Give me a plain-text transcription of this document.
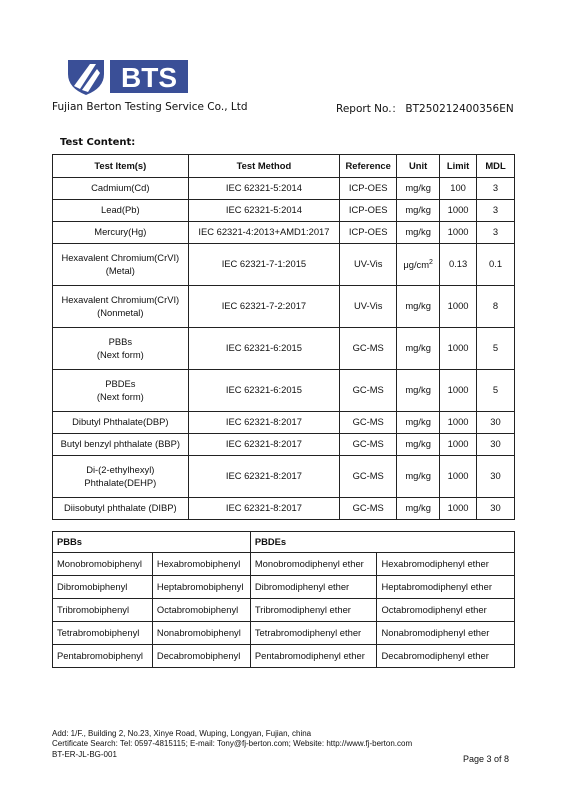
BTS
Fujian Berton Testing Service Co., Ltd	Report No.： BT250212400356EN
Test Content:
Test Item(s)	Test Method	Reference	Unit	Limit	MDL
Cadmium(Cd)	IEC 62321-5:2014	ICP-OES	mg/kg	100	3
Lead(Pb)	IEC 62321-5:2014	ICP-OES	mg/kg	1000	3
Mercury(Hg)	IEC 62321-4:2013+AMD1:2017	ICP-OES	mg/kg	1000	3
Hexavalent Chromium(CrVI)
(Metal)	IEC 62321-7-1:2015	UV-Vis	$\mu g/cm^2$	0.13	0.1
Hexavalent Chromium(CrVI)
(Nonmetal)	IEC 62321-7-2:2017	UV-Vis	mg/kg	1000	8
PBBs
(Next form)	IEC 62321-6:2015	GC-MS	mg/kg	1000	5
PBDEs
(Next form)	IEC 62321-6:2015	GC-MS	mg/kg	1000	5
Dibutyl Phthalate(DBP)	IEC 62321-8:2017	GC-MS	mg/kg	1000	30
Butyl benzyl phthalate (BBP)	IEC 62321-8:2017	GC-MS	mg/kg	1000	30
Di-(2-ethylhexyl)
Phthalate(DEHP)	IEC 62321-8:2017	GC-MS	mg/kg	1000	30
Diisobutyl phthalate (DIBP)	IEC 62321-8:2017	GC-MS	mg/kg	1000	30
PBBs		PBDEs	
Monobromobiphenyl	Hexabromobiphenyl	Monobromodiphenyl ether	Hexabromodiphenyl ether
Dibromobiphenyl	Heptabromobiphenyl	Dibromodiphenyl ether	Heptabromodiphenyl ether
Tribromobiphenyl	Octabromobiphenyl	Tribromodiphenyl ether	Octabromodiphenyl ether
Tetrabromobiphenyl	Nonabromobiphenyl	Tetrabromodiphenyl ether	Nonabromodiphenyl ether
Pentabromobiphenyl	Decabromobiphenyl	Pentabromodiphenyl ether	Decabromodiphenyl ether
Add: 1/F., Building 2, No.23, Xinye Road, Wuping, Longyan, Fujian, china
Certificate Search: Tel: 0597-4815115; E-mail: Tony@fj-berton.com; Website: http://www.fj-berton.com
BT-ER-JL-BG-001	Page 3 of 8
